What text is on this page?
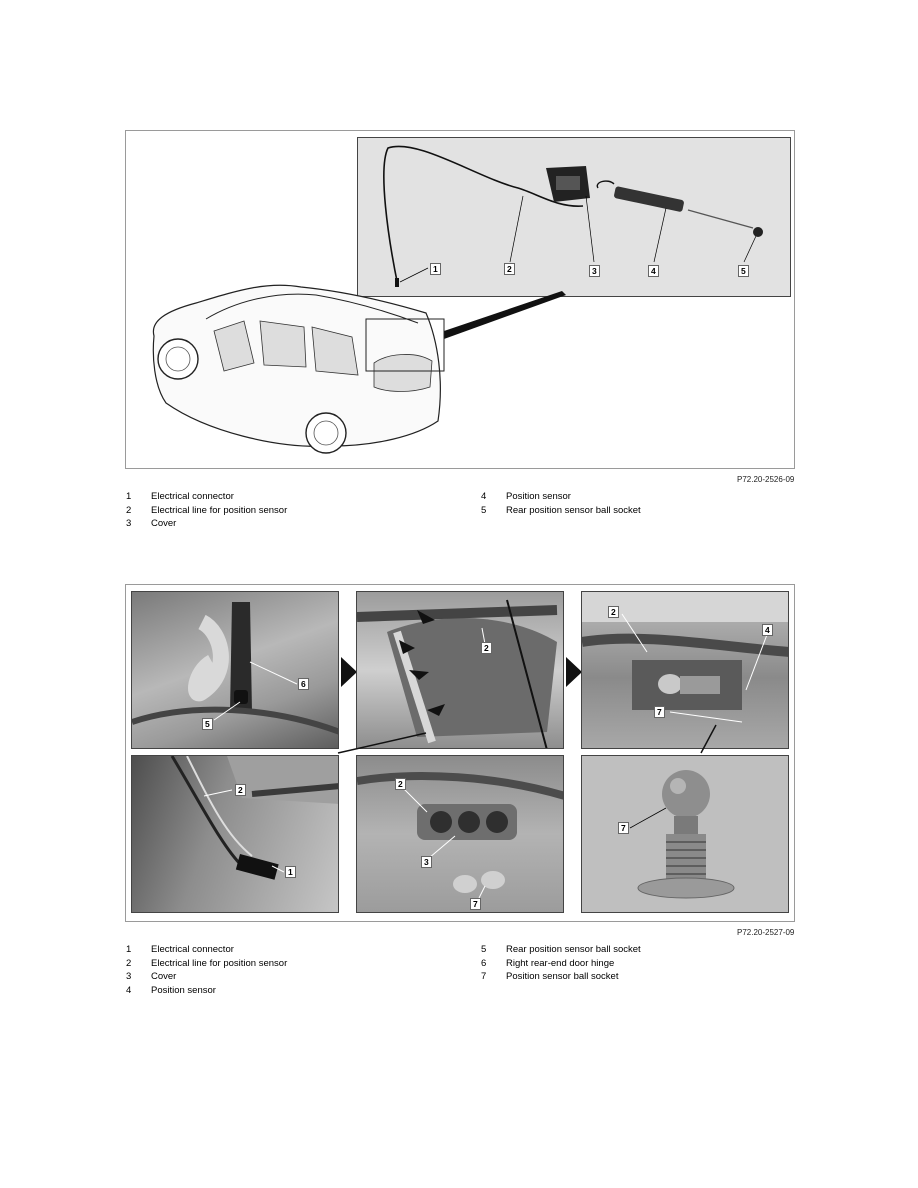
1	2	3	4	5
P72.20-2526-09
1	Electrical connector
2	Electrical line for position sensor
3	Cover
4	Position sensor
5	Rear position sensor ball socket
6
5
2
2
4
7
2
1
2
3
7
7
P72.20-2527-09
1	Electrical connector
2	Electrical line for position sensor
3	Cover
4	Position sensor
5	Rear position sensor ball socket
6	Right rear-end door hinge
7	Position sensor ball socket
